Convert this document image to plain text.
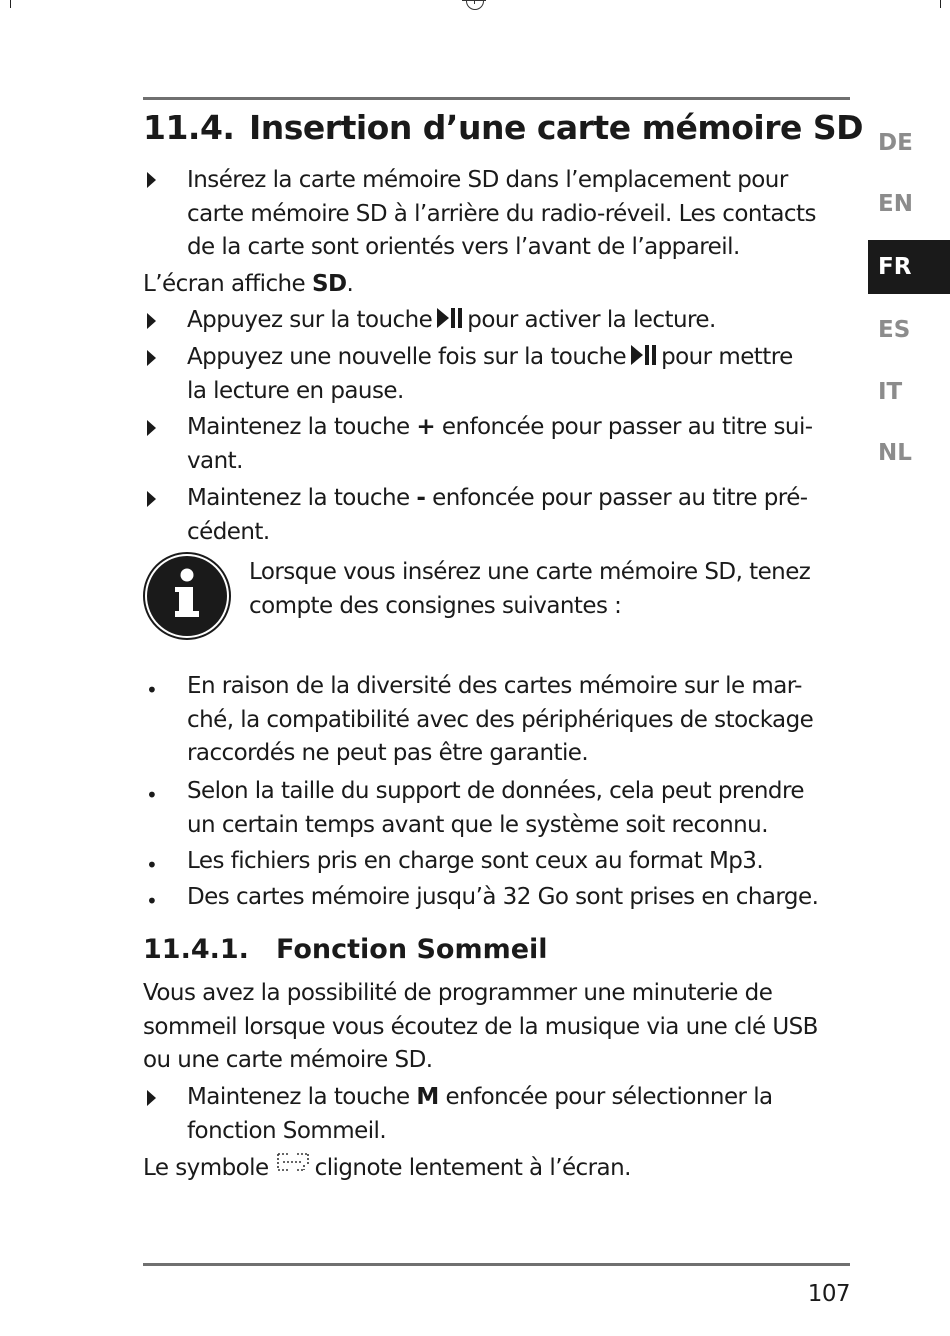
DE
EN
FR
ES
IT
NL
11.4. Insertion d’une carte mémoire SD
Insérez la carte mémoire SD dans l’emplacement pour
carte mémoire SD à l’arrière du radio-réveil. Les contacts
de la carte sont orientés vers l’avant de l’appareil.
L’écran affiche SD.
Appuyez sur la touche pour activer la lecture.
Appuyez une nouvelle fois sur la touche pour mettre
la lecture en pause.
Maintenez la touche + enfoncée pour passer au titre sui-
vant.
Maintenez la touche - enfoncée pour passer au titre pré-
cédent.
Lorsque vous insérez une carte mémoire SD, tenez
compte des consignes suivantes :
• En raison de la diversité des cartes mémoire sur le mar-
ché, la compatibilité avec des périphériques de stockage
raccordés ne peut pas être garantie.
• Selon la taille du support de données, cela peut prendre
un certain temps avant que le système soit reconnu.
• Les fichiers pris en charge sont ceux au format Mp3.
• Des cartes mémoire jusqu’à 32 Go sont prises en charge.
11.4.1. Fonction Sommeil
Vous avez la possibilité de programmer une minuterie de
sommeil lorsque vous écoutez de la musique via une clé USB
ou une carte mémoire SD.
Maintenez la touche M enfoncée pour sélectionner la
fonction Sommeil.
Le symbole clignote lentement à l’écran.
107
